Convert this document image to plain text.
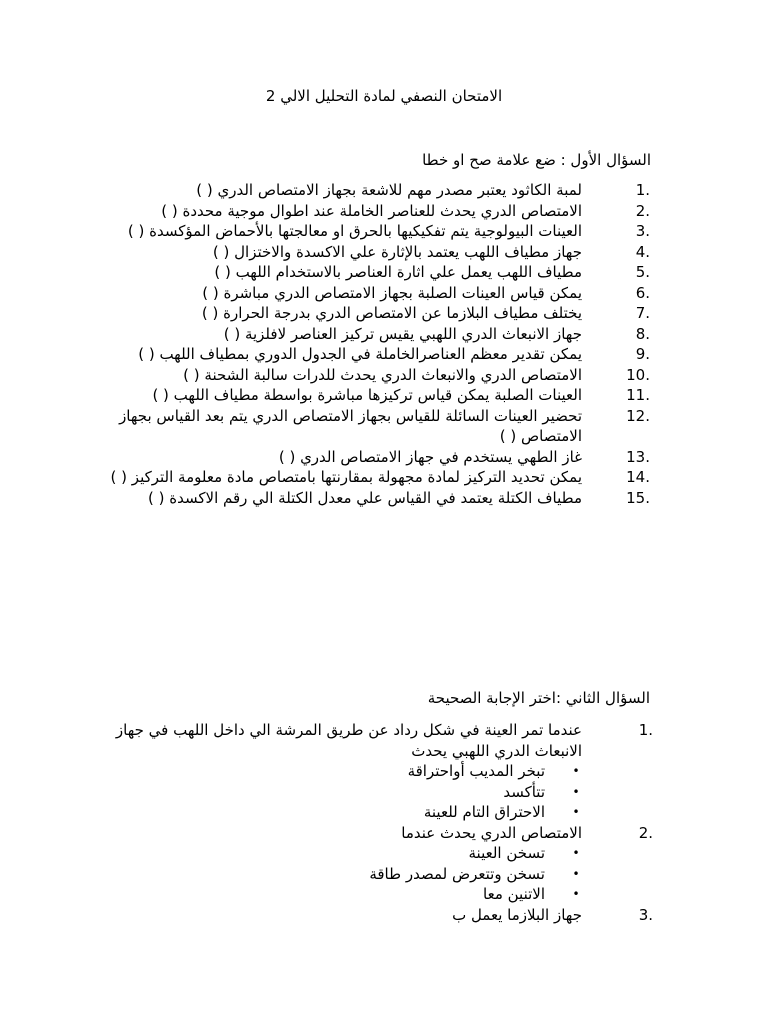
الامتحان النصفي لمادة التحليل الالي 2
السؤال الأول : ضع علامة صح او خطا
1.
لمبة الكاثود يعتبر مصدر مهم للاشعة بجهاز الامتصاص الدري ( )
2.
الامتصاص الدري يحدث للعناصر الخاملة عند اطوال موجية محددة ( )
3.
العينات البيولوجية يتم تفكيكيها بالحرق او معالجتها بالأحماض المؤكسدة ( )
4.
جهاز مطياف اللهب يعتمد بالإثارة علي الاكسدة والاختزال ( )
5.
مطياف اللهب يعمل علي اثارة العناصر بالاستخدام اللهب ( )
6.
يمكن قياس العينات الصلبة بجهاز الامتصاص الدري مباشرة ( )
7.
يختلف مطياف البلازما عن الامتصاص الدري بدرجة الحرارة ( )
8.
جهاز الانبعاث الدري اللهبي يقيس تركيز العناصر لافلزية ( )
9.
يمكن تقدير معظم العناصرالخاملة في الجدول الدوري بمطياف اللهب ( )
10.
الامتصاص الدري والانبعاث الدري يحدث للدرات سالبة الشحنة ( )
11.
العينات الصلبة يمكن قياس تركيزها مباشرة بواسطة مطياف اللهب ( )
12.
تحضير العينات السائلة للقياس بجهاز الامتصاص الدري يتم بعد القياس بجهاز الامتصاص ( )
13.
غاز الطهي يستخدم في جهاز الامتصاص الدري ( )
14.
يمكن تحديد التركيز لمادة مجهولة بمقارنتها بامتصاص مادة معلومة التركيز ( )
15.
مطياف الكتلة يعتمد في القياس علي معدل الكتلة الي رقم الاكسدة ( )
السؤال الثاني :اختر الإجابة الصحيحة
1.
عندما تمر العينة في شكل رداد عن طريق المرشة الي داخل اللهب في جهاز الانبعاث الدري اللهبي يحدث
•
تبخر المديب أواحتراقة
•
تتأكسد
•
الاحتراق التام للعينة
2.
الامتصاص الدري يحدث عندما
•
تسخن العينة
•
تسخن وتتعرض لمصدر طاقة
•
الاتنين معا
3.
جهاز البلازما يعمل ب
